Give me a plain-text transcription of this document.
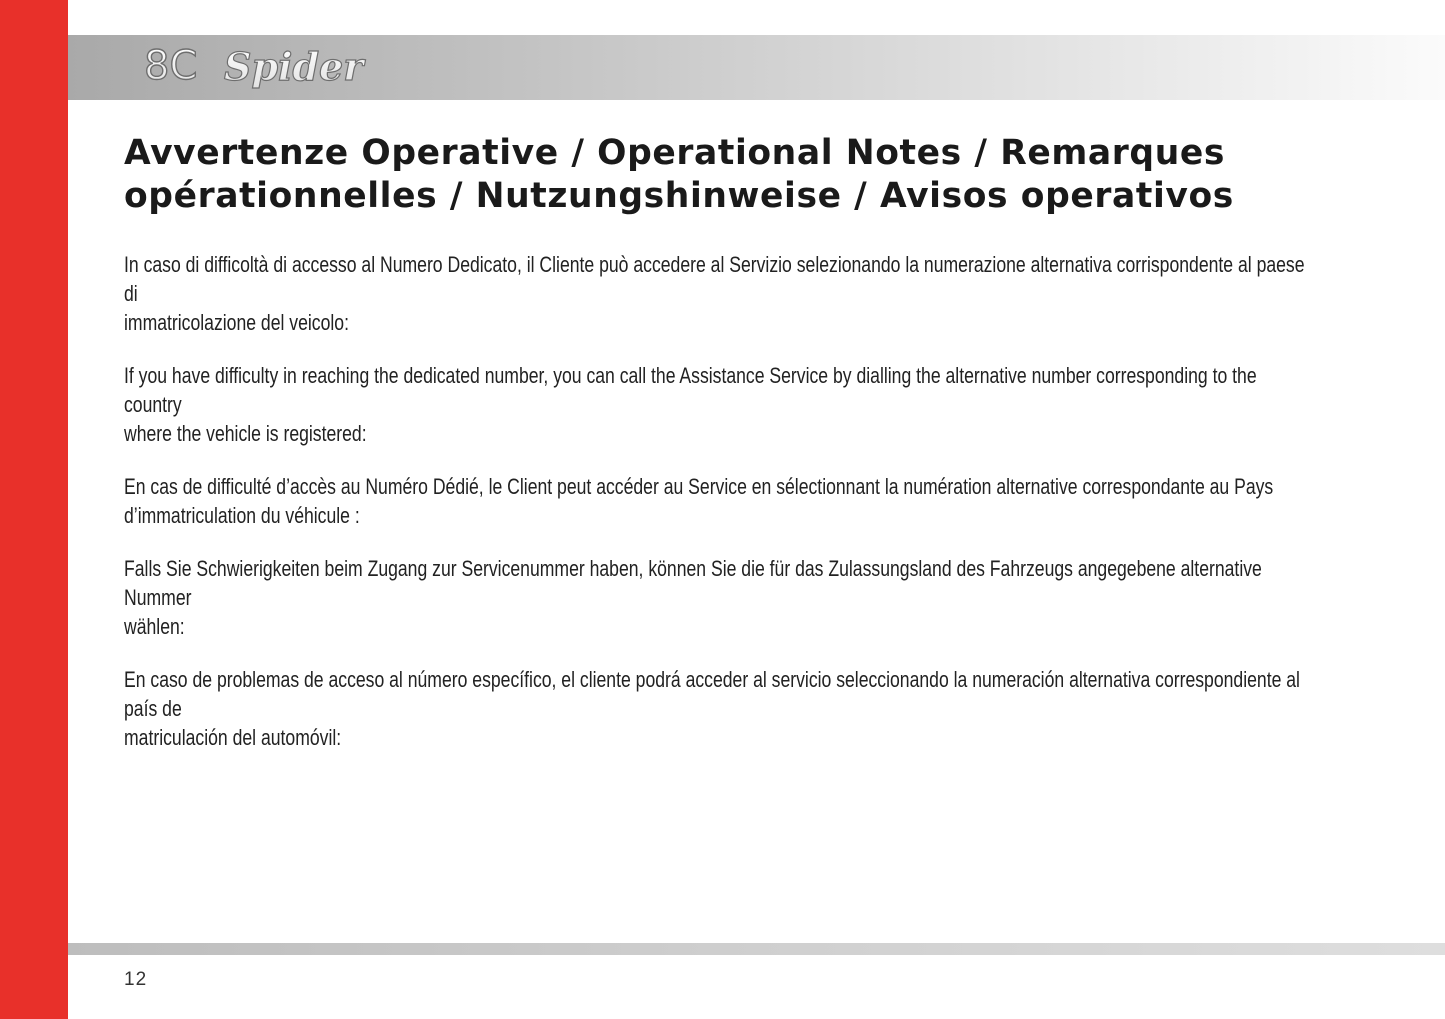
8C Spider
Avvertenze Operative / Operational Notes / Remarques
opérationnelles / Nutzungshinweise / Avisos operativos

In caso di difficoltà di accesso al Numero Dedicato, il Cliente può accedere al Servizio selezionando la numerazione alternativa corrispondente al paese di
immatricolazione del veicolo:

If you have difficulty in reaching the dedicated number, you can call the Assistance Service by dialling the alternative number corresponding to the country
where the vehicle is registered:

En cas de difficulté d’accès au Numéro Dédié, le Client peut accéder au Service en sélectionnant la numération alternative correspondante au Pays
d’immatriculation du véhicule :

Falls Sie Schwierigkeiten beim Zugang zur Servicenummer haben, können Sie die für das Zulassungsland des Fahrzeugs angegebene alternative Nummer
wählen:

En caso de problemas de acceso al número específico, el cliente podrá acceder al servicio seleccionando la numeración alternativa correspondiente al país de
matriculación del automóvil:

12
